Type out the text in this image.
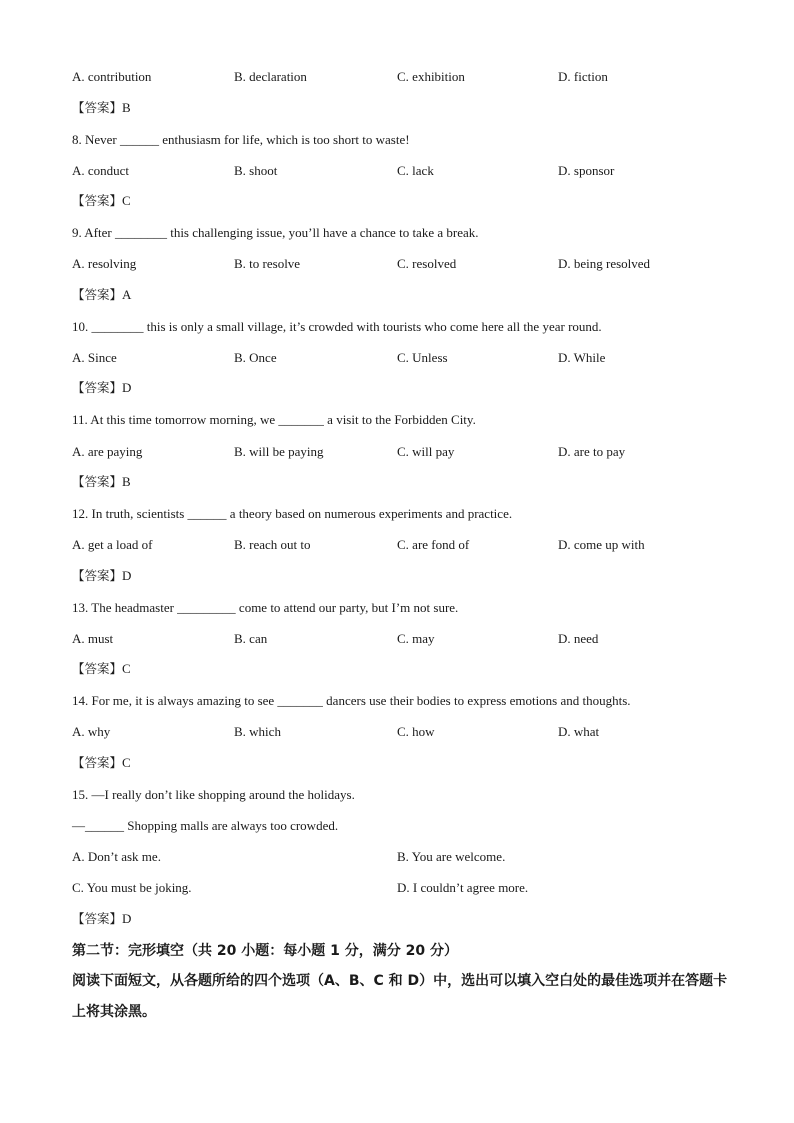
A. contribution	B. declaration	C. exhibition	D. fiction
【答案】B
8. Never ______ enthusiasm for life, which is too short to waste!
A. conduct	B. shoot	C. lack	D. sponsor
【答案】C
9. After ________ this challenging issue, you’ll have a chance to take a break.
A. resolving	B. to resolve	C. resolved	D. being resolved
【答案】A
10. ________ this is only a small village, it’s crowded with tourists who come here all the year round.
A. Since	B. Once	C. Unless	D. While
【答案】D
11. At this time tomorrow morning, we _______ a visit to the Forbidden City.
A. are paying	B. will be paying	C. will pay	D. are to pay
【答案】B
12. In truth, scientists ______ a theory based on numerous experiments and practice.
A. get a load of	B. reach out to	C. are fond of	D. come up with
【答案】D
13. The headmaster _________ come to attend our party, but I’m not sure.
A. must	B. can	C. may	D. need
【答案】C
14. For me, it is always amazing to see _______ dancers use their bodies to express emotions and thoughts.
A. why	B. which	C. how	D. what
【答案】C
15. —I really don’t like shopping around the holidays.
—______ Shopping malls are always too crowded.
A. Don’t ask me.	B. You are welcome.
C. You must be joking.	D. I couldn’t agree more.
【答案】D
第二节：完形填空（共 20 小题：每小题 1 分，满分 20 分）
阅读下面短文，从各题所给的四个选项（A、B、C 和 D）中，选出可以填入空白处的最佳选项并在答题卡上将其涂黑。
